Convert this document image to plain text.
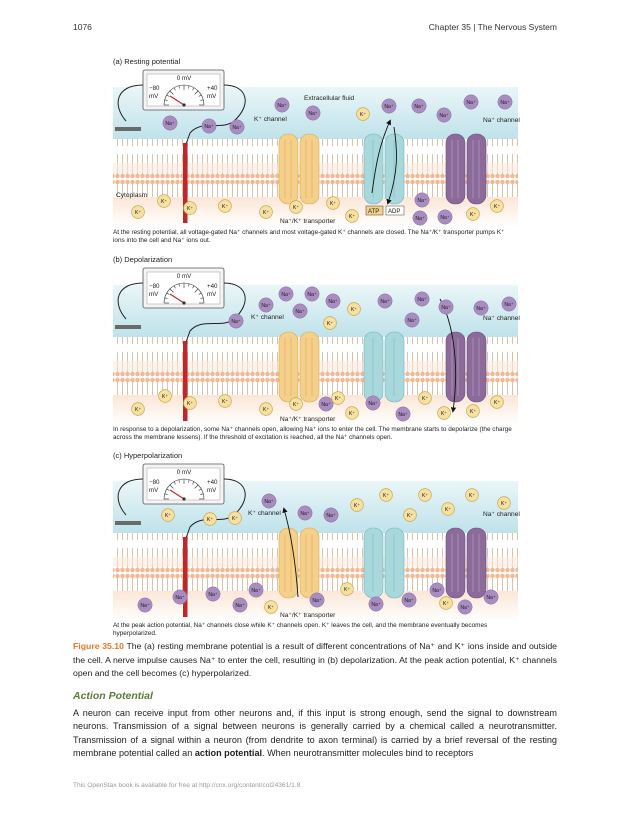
1076	Chapter 35 | The Nervous System
(a) Resting potential
(b) Depolarization
(c) Hyperpolarization
0 mV
−80
mV
+40
mV	Extracellular fluid
Cytoplasm
K⁺ channel	Na⁺ channel
Na⁺/K⁺ transporter
ATP ADP
Na⁺
Na⁺
Na⁺	Na⁺	Na⁺
K⁺
Na⁺	Na⁺
Na⁺
Na⁺	Na⁺
K⁺
K⁺
K⁺	K⁺
K⁺
K⁺
K⁺
K⁺
Na⁺
Na⁺	Na⁺	K⁺
K⁺
0 mV
−80
mV
+40
mV
K⁺ channel	Na⁺ channel
Na⁺/K⁺ transporter
Na⁺	Na⁺
Na⁺
Na⁺
Na⁺
Na⁺	K⁺
K⁺
Na⁺	Na⁺
Na⁺
Na⁺	Na⁺
Na⁺
K⁺
K⁺
K⁺	K⁺
K⁺
K⁺	Na⁺
K⁺
K⁺
Na⁺
Na⁺
K⁺
K⁺	K⁺
K⁺
0 mV
−80
mV
+40
mV
K⁺ channel	Na⁺ channel
Na⁺/K⁺ transporter
Na⁺
K⁺
K⁺	K⁺
Na⁺	Na⁺
K⁺
K⁺
K⁺
K⁺
K⁺
K⁺
K⁺
Na⁺
Na⁺
Na⁺
Na⁺
Na⁺
K⁺
Na⁺
K⁺
Na⁺
Na⁺
Na⁺
K⁺
Na⁺
Na⁺
At the resting potential, all voltage-gated Na⁺ channels and most voltage-gated K⁺ channels are closed. The Na⁺/K⁺ transporter pumps K⁺ ions into the cell and Na⁺ ions out.
In response to a depolarization, some Na⁺ channels open, allowing Na⁺ ions to enter the cell. The membrane starts to depolarize (the charge across the membrane lessens). If the threshold of excitation is reached, all the Na⁺ channels open.
At the peak action potential, Na⁺ channels close while K⁺ channels open. K⁺ leaves the cell, and the membrane eventually becomes hyperpolarized.
Figure 35.10 The (a) resting membrane potential is a result of different concentrations of Na⁺ and K⁺ ions inside and outside the cell. A nerve impulse causes Na⁺ to enter the cell, resulting in (b) depolarization. At the peak action potential, K⁺ channels open and the cell becomes (c) hyperpolarized.
Action Potential
A neuron can receive input from other neurons and, if this input is strong enough, send the signal to downstream neurons. Transmission of a signal between neurons is generally carried by a chemical called a neurotransmitter. Transmission of a signal within a neuron (from dendrite to axon terminal) is carried by a brief reversal of the resting membrane potential called an action potential. When neurotransmitter molecules bind to receptors
This OpenStax book is available for free at http://cnx.org/content/col24361/1.8
